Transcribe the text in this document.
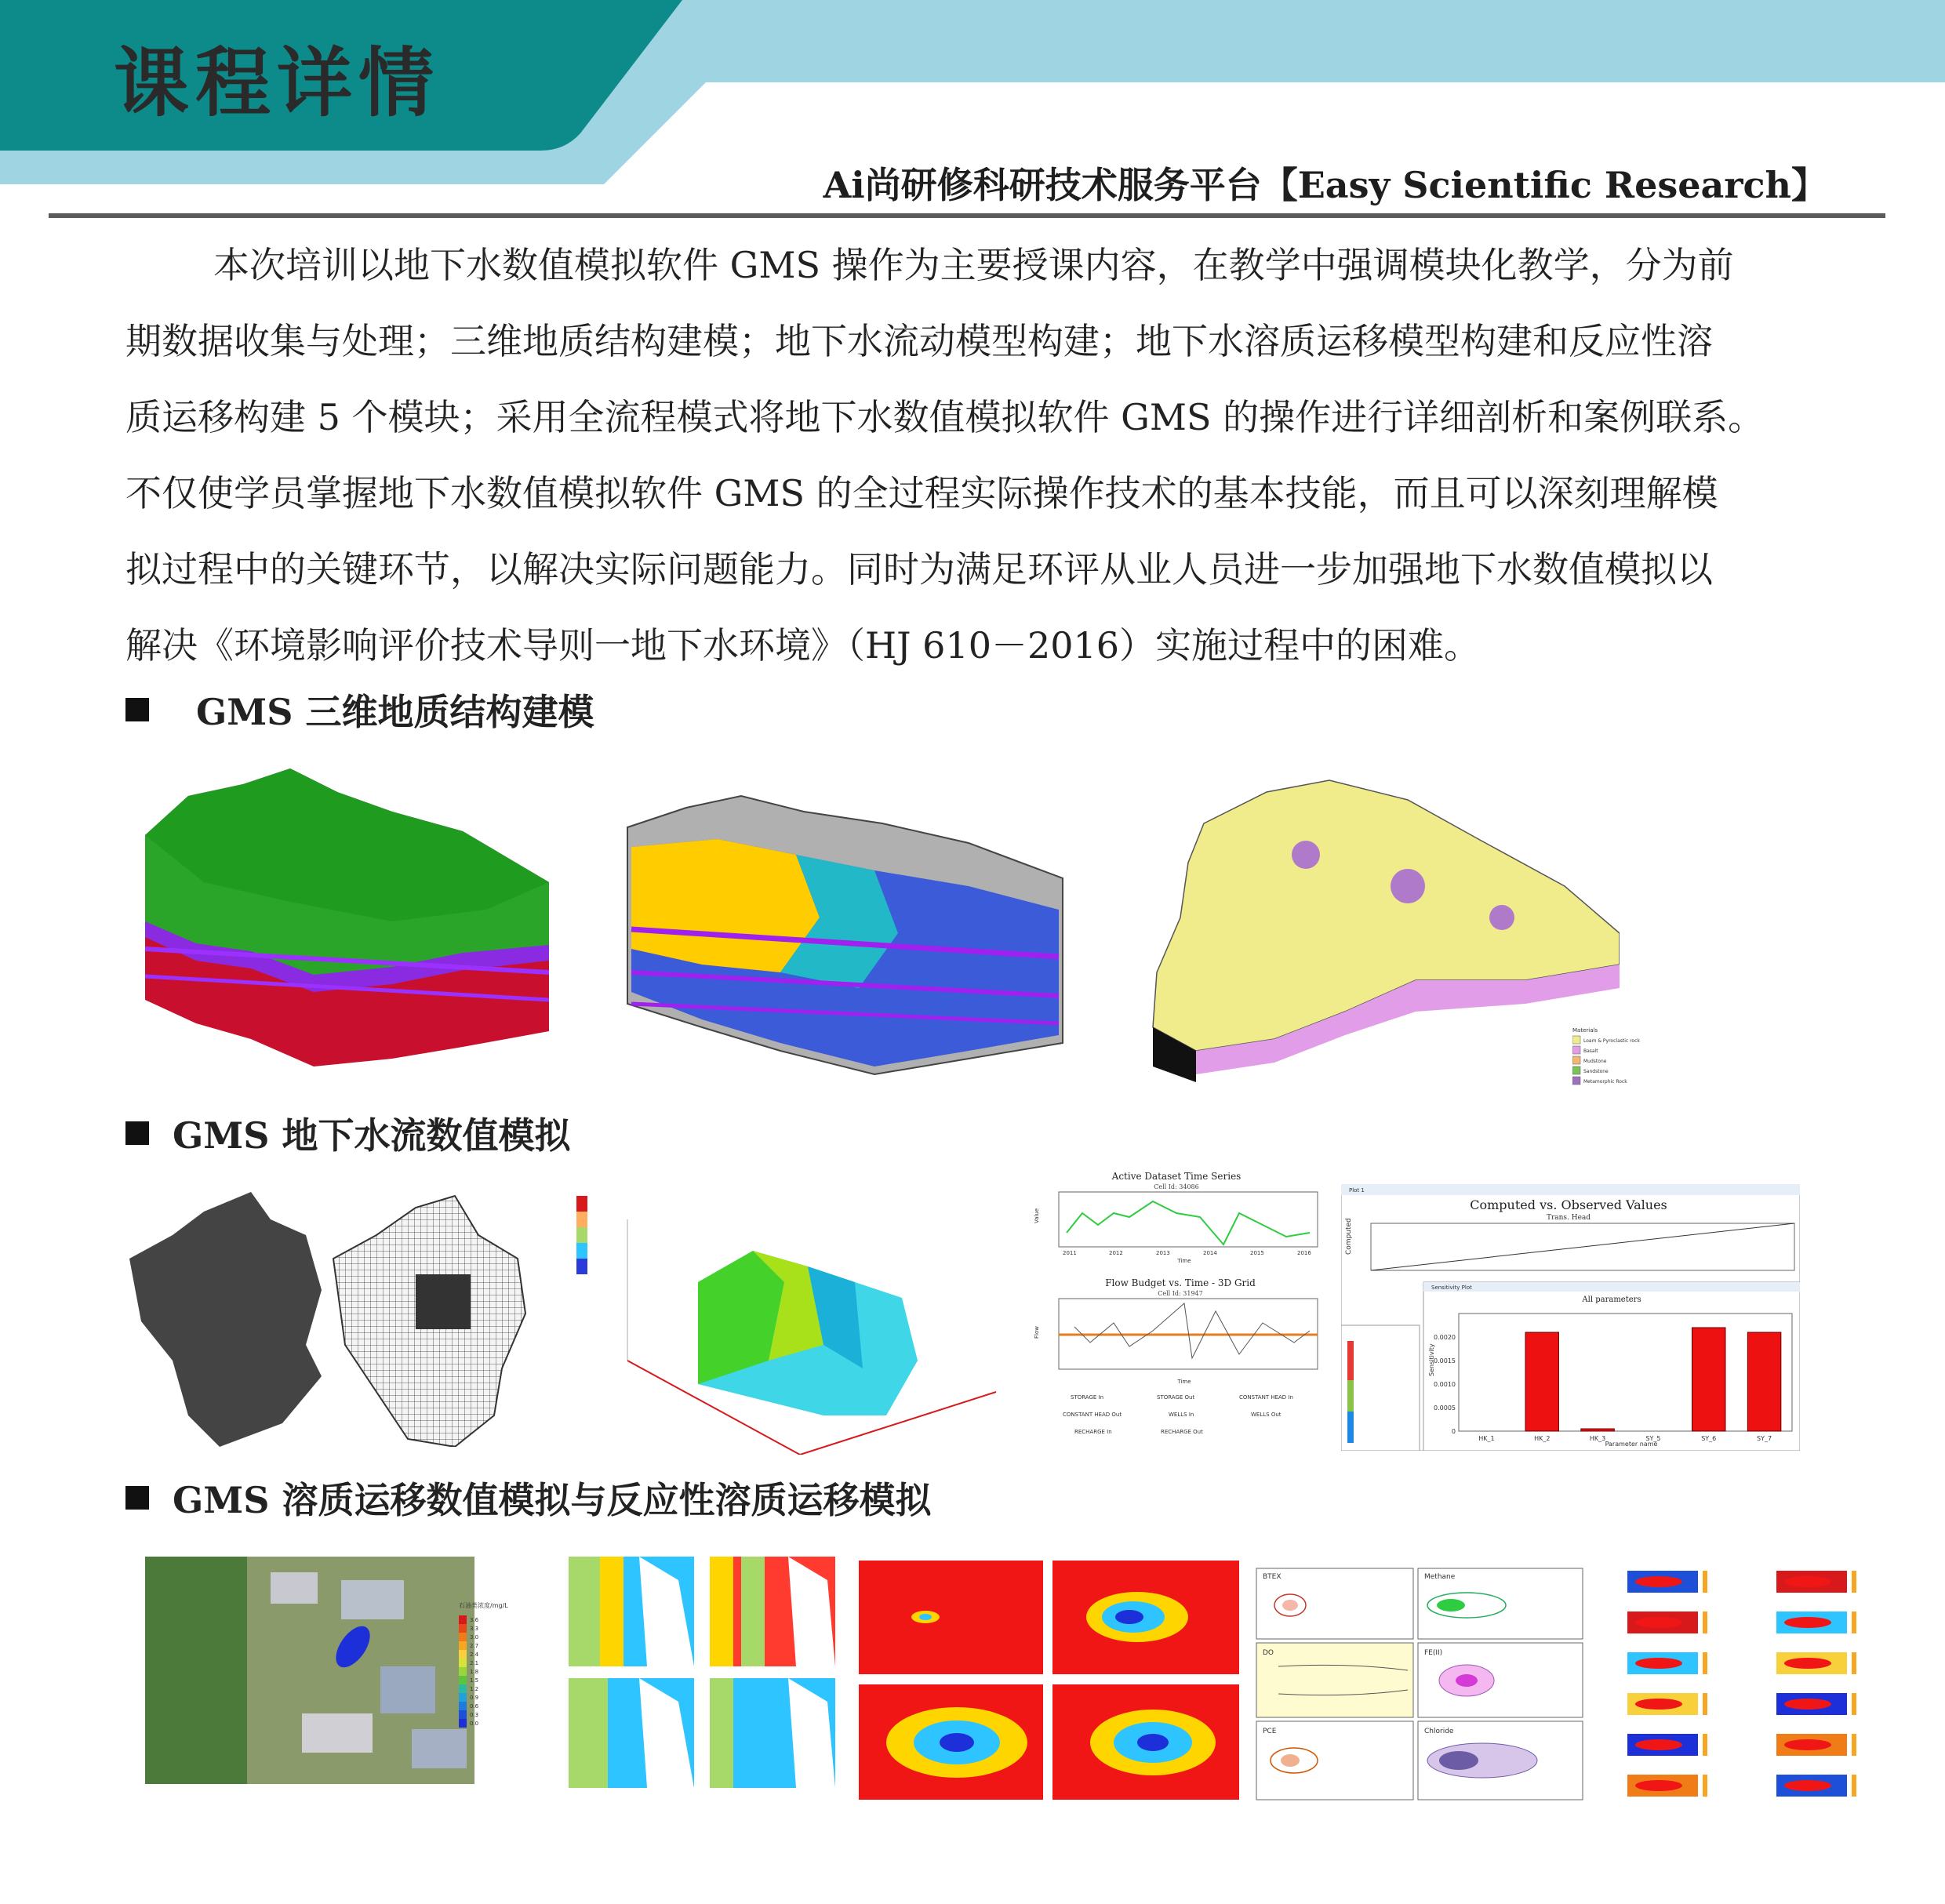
课程详情
Ai尚研修科研技术服务平台【Easy Scientific Research】
本次培训以地下水数值模拟软件 GMS 操作为主要授课内容，在教学中强调模块化教学，分为前
期数据收集与处理；三维地质结构建模；地下水流动模型构建；地下水溶质运移模型构建和反应性溶
质运移构建 5 个模块；采用全流程模式将地下水数值模拟软件 GMS 的操作进行详细剖析和案例联系。
不仅使学员掌握地下水数值模拟软件 GMS 的全过程实际操作技术的基本技能，而且可以深刻理解模
拟过程中的关键环节，以解决实际问题能力。同时为满足环评从业人员进一步加强地下水数值模拟以
解决《环境影响评价技术导则一地下水环境》（HJ 610－2016）实施过程中的困难。
GMS 三维地质结构建模
Materials
Loam & Pyroclastic rock
Basalt
Mudstone
Sandstone
Metamorphic Rock
GMS 地下水流数值模拟
Active Dataset Time Series
Cell Id: 34086
Value
2011	2012	2013	2014	2015	2016
Time
Flow Budget vs. Time - 3D Grid
Cell Id: 31947
Flow
Time
STORAGE In	STORAGE Out	CONSTANT HEAD In
CONSTANT HEAD Out	WELLS In	WELLS Out
RECHARGE In	RECHARGE Out
Plot 1
Computed vs. Observed Values
Trans. Head
Computed
Sensitivity Plot
All parameters
Sensitivity
Parameter name
0
0.0005
0.0010
0.0015
0.0020
HK_1	HK_2	HK_3	SY_5	SY_6	SY_7
GMS 溶质运移数值模拟与反应性溶质运移模拟
石油类浓度/mg/L
3.6
3.3
3.0
2.7
2.4
2.1
1.8
1.5
1.2
0.9
0.6
0.3
0.0
BTEX	Methane
DO	FE(II)
PCE	Chloride
